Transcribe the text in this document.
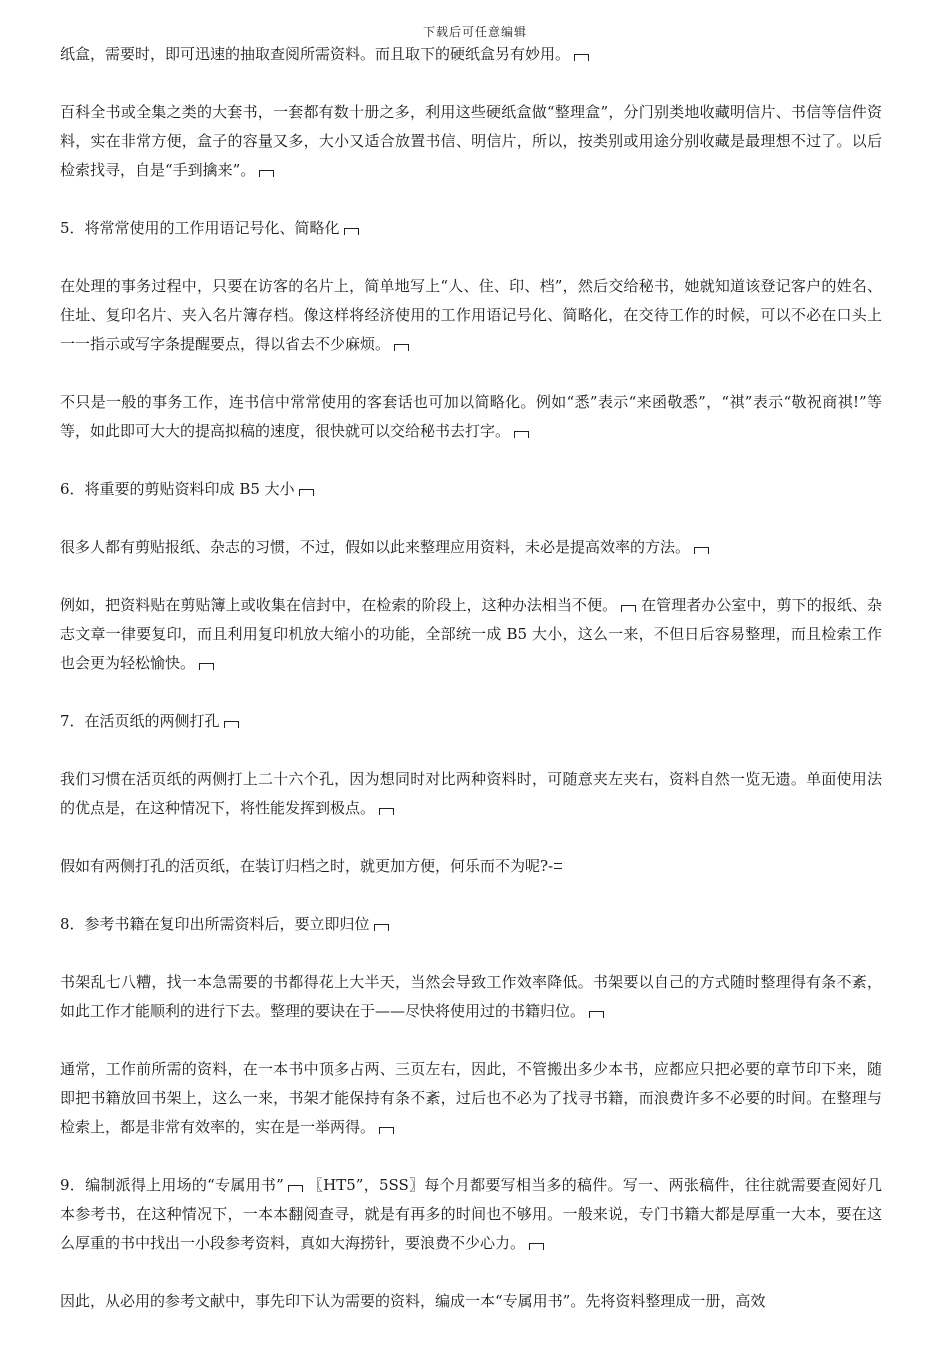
下载后可任意编辑

纸盒，需要时，即可迅速的抽取查阅所需资料。而且取下的硬纸盒另有妙用。

百科全书或全集之类的大套书，一套都有数十册之多，利用这些硬纸盒做“整理盒”，分门别类地收藏明信片、书信等信件资料，实在非常方便，盒子的容量又多，大小又适合放置书信、明信片，所以，按类别或用途分别收藏是最理想不过了。以后检索找寻，自是“手到擒来”。

5．将常常使用的工作用语记号化、简略化

在处理的事务过程中，只要在访客的名片上，简单地写上“人、住、印、档”，然后交给秘书，她就知道该登记客户的姓名、住址、复印名片、夹入名片簿存档。像这样将经济使用的工作用语记号化、简略化，在交待工作的时候，可以不必在口头上一一指示或写字条提醒要点，得以省去不少麻烦。

不只是一般的事务工作，连书信中常常使用的客套话也可加以简略化。例如“悉”表示“来函敬悉”，“祺”表示“敬祝商祺!”等等，如此即可大大的提高拟稿的速度，很快就可以交给秘书去打字。

6．将重要的剪贴资料印成 B5 大小

很多人都有剪贴报纸、杂志的习惯，不过，假如以此来整理应用资料，未必是提高效率的方法。

例如，把资料贴在剪贴簿上或收集在信封中，在检索的阶段上，这种办法相当不便。 在管理者办公室中，剪下的报纸、杂志文章一律要复印，而且利用复印机放大缩小的功能，全部统一成 B5 大小，这么一来，不但日后容易整理，而且检索工作也会更为轻松愉快。

7．在活页纸的两侧打孔

我们习惯在活页纸的两侧打上二十六个孔，因为想同时对比两种资料时，可随意夹左夹右，资料自然一览无遗。单面使用法的优点是，在这种情况下，将性能发挥到极点。

假如有两侧打孔的活页纸，在装订归档之时，就更加方便，何乐而不为呢?-

8．参考书籍在复印出所需资料后，要立即归位

书架乱七八糟，找一本急需要的书都得花上大半天，当然会导致工作效率降低。书架要以自己的方式随时整理得有条不紊，如此工作才能顺利的进行下去。整理的要诀在于——尽快将使用过的书籍归位。

通常，工作前所需的资料，在一本书中顶多占两、三页左右，因此，不管搬出多少本书，应都应只把必要的章节印下来，随即把书籍放回书架上，这么一来，书架才能保持有条不紊，过后也不必为了找寻书籍，而浪费许多不必要的时间。在整理与检索上，都是非常有效率的，实在是一举两得。

9．编制派得上用场的“专属用书” 〖HT5”，5SS〗每个月都要写相当多的稿件。写一、两张稿件，往往就需要查阅好几本参考书，在这种情况下，一本本翻阅查寻，就是有再多的时间也不够用。一般来说，专门书籍大都是厚重一大本，要在这么厚重的书中找出一小段参考资料，真如大海捞针，要浪费不少心力。

因此，从必用的参考文献中，事先印下认为需要的资料，编成一本“专属用书”。先将资料整理成一册，高效
